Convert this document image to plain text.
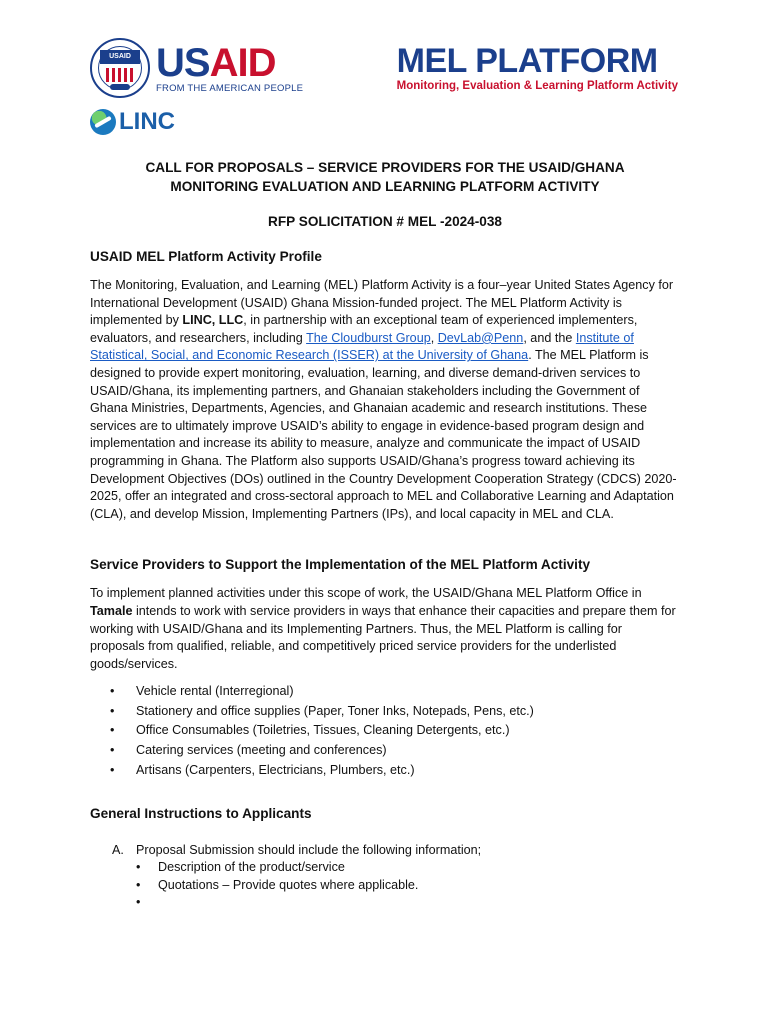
USAID USAID
FROM THE AMERICAN PEOPLE
MEL PLATFORM
Monitoring, Evaluation & Learning Platform Activity
LINC
CALL FOR PROPOSALS – SERVICE PROVIDERS FOR THE USAID/GHANA
MONITORING EVALUATION AND LEARNING PLATFORM ACTIVITY
RFP SOLICITATION # MEL -2024-038
USAID MEL Platform Activity Profile

The Monitoring, Evaluation, and Learning (MEL) Platform Activity is a four–year United States Agency for International Development (USAID) Ghana Mission-funded project. The MEL Platform Activity is implemented by LINC, LLC, in partnership with an exceptional team of experienced implementers, evaluators, and researchers, including The Cloudburst Group, DevLab@Penn, and the Institute of Statistical, Social, and Economic Research (ISSER) at the University of Ghana. The MEL Platform is designed to provide expert monitoring, evaluation, learning, and diverse demand-driven services to USAID/Ghana, its implementing partners, and Ghanaian stakeholders including the Government of Ghana Ministries, Departments, Agencies, and Ghanaian academic and research institutions. These services are to ultimately improve USAID’s ability to engage in evidence-based program design and implementation and increase its ability to measure, analyze and communicate the impact of USAID programming in Ghana. The Platform also supports USAID/Ghana’s progress toward achieving its Development Objectives (DOs) outlined in the Country Development Cooperation Strategy (CDCS) 2020-2025, offer an integrated and cross-sectoral approach to MEL and Collaborative Learning and Adaptation (CLA), and develop Mission, Implementing Partners (IPs), and local capacity in MEL and CLA.

Service Providers to Support the Implementation of the MEL Platform Activity

To implement planned activities under this scope of work, the USAID/Ghana MEL Platform Office in Tamale intends to work with service providers in ways that enhance their capacities and prepare them for working with USAID/Ghana and its Implementing Partners. Thus, the MEL Platform is calling for proposals from qualified, reliable, and competitively priced service providers for the underlisted goods/services.

• Vehicle rental (Interregional)
• Stationery and office supplies (Paper, Toner Inks, Notepads, Pens, etc.)
• Office Consumables (Toiletries, Tissues, Cleaning Detergents, etc.)
• Catering services (meeting and conferences)
• Artisans (Carpenters, Electricians, Plumbers, etc.)
General Instructions to Applicants
A. Proposal Submission should include the following information;
• Description of the product/service
• Quotations – Provide quotes where applicable.
•
